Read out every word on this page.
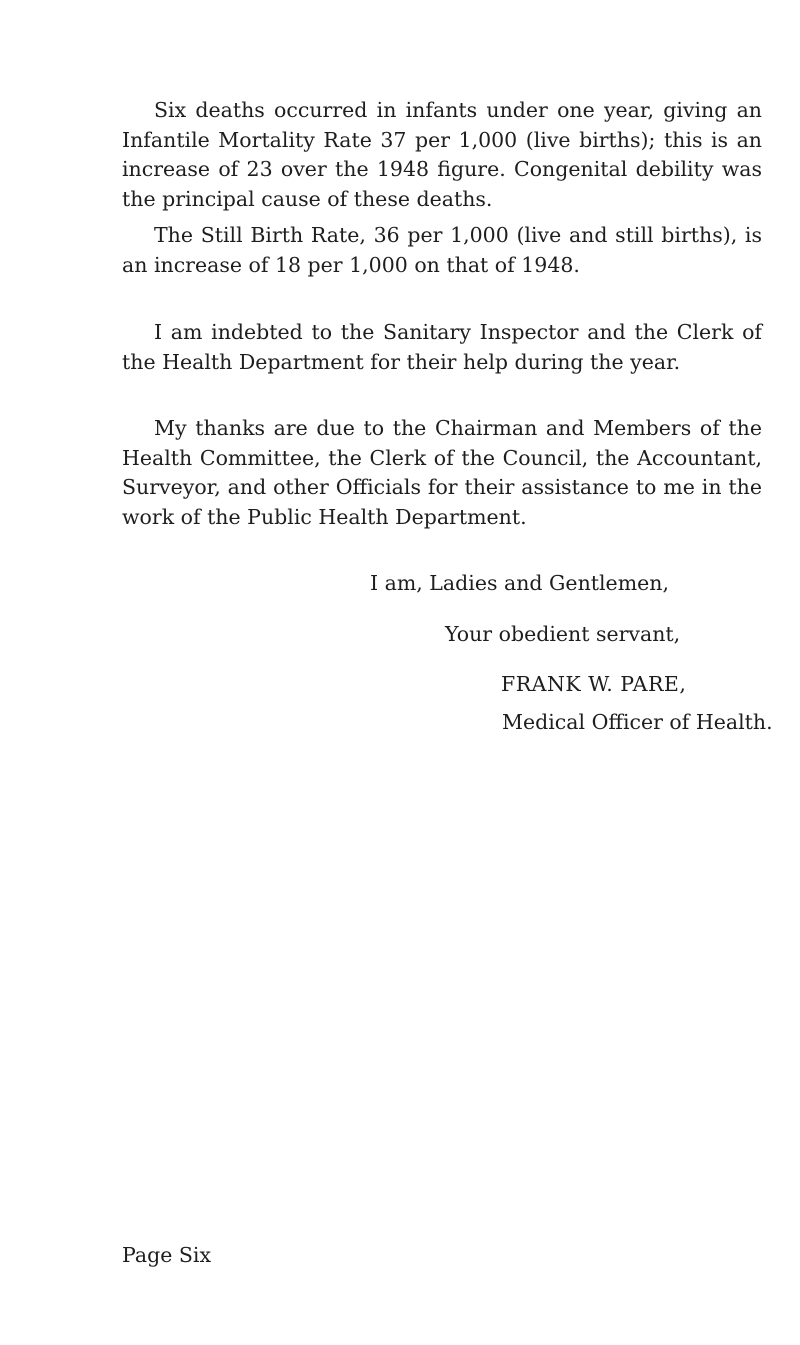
Six deaths occurred in infants under one year, giving an Infantile Mortality Rate 37 per 1,000 (live births); this is an increase of 23 over the 1948 figure. Congenital debility was the principal cause of these deaths.

The Still Birth Rate, 36 per 1,000 (live and still births), is an increase of 18 per 1,000 on that of 1948.

I am indebted to the Sanitary Inspector and the Clerk of the Health Department for their help during the year.

My thanks are due to the Chairman and Members of the Health Committee, the Clerk of the Council, the Accountant, Surveyor, and other Officials for their assistance to me in the work of the Public Health Department.

I am, Ladies and Gentlemen,

Your obedient servant,

FRANK W. PARE,

Medical Officer of Health.

Page Six
